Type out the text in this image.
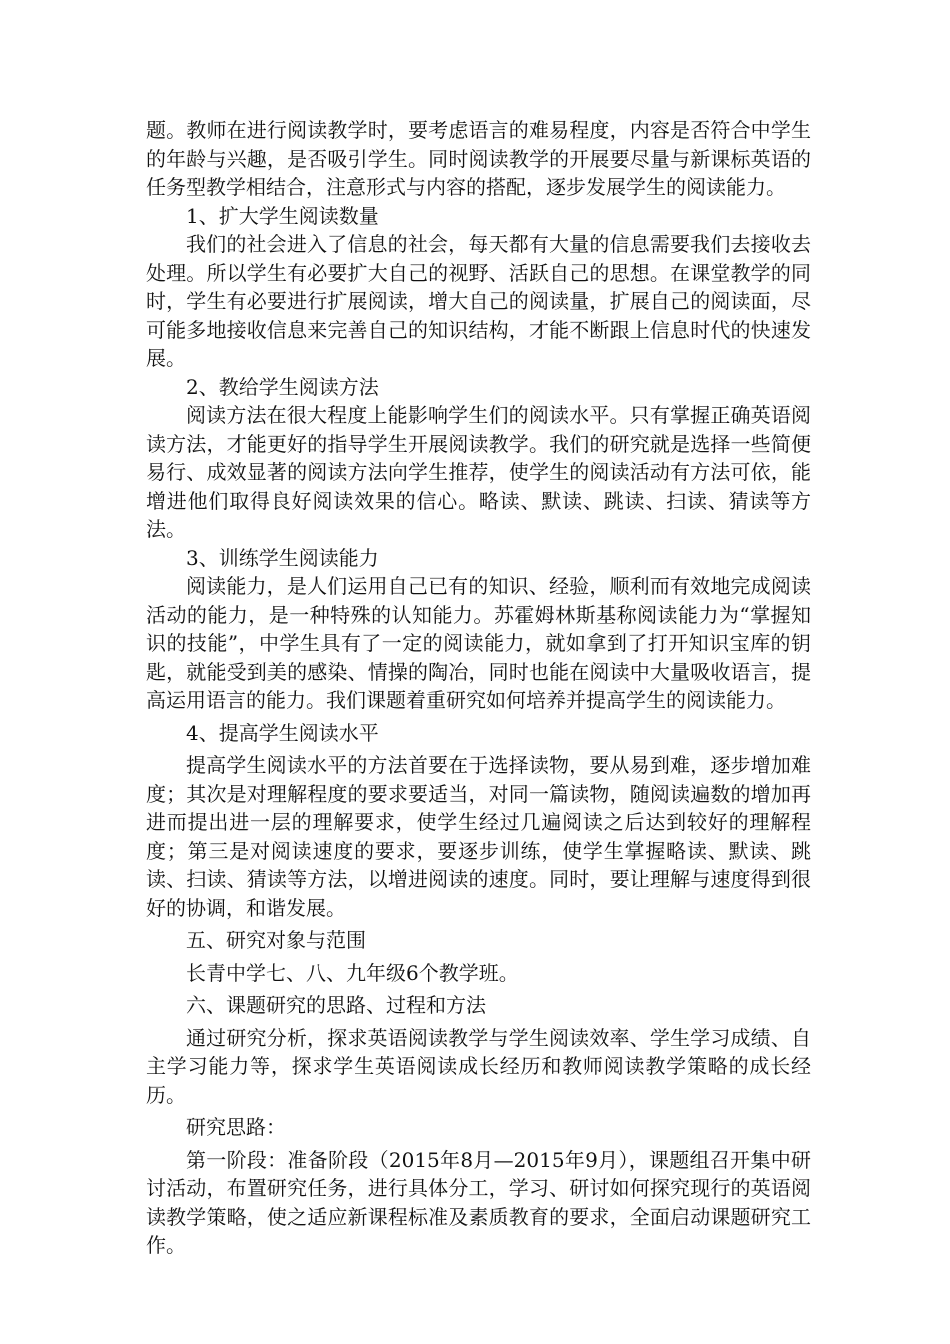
题。教师在进行阅读教学时，要考虑语言的难易程度，内容是否符合中学生的年龄与兴趣，是否吸引学生。同时阅读教学的开展要尽量与新课标英语的任务型教学相结合，注意形式与内容的搭配，逐步发展学生的阅读能力。

1、扩大学生阅读数量

我们的社会进入了信息的社会，每天都有大量的信息需要我们去接收去处理。所以学生有必要扩大自己的视野、活跃自己的思想。在课堂教学的同时，学生有必要进行扩展阅读，增大自己的阅读量，扩展自己的阅读面，尽可能多地接收信息来完善自己的知识结构，才能不断跟上信息时代的快速发展。

2、教给学生阅读方法

阅读方法在很大程度上能影响学生们的阅读水平。只有掌握正确英语阅读方法，才能更好的指导学生开展阅读教学。我们的研究就是选择一些简便易行、成效显著的阅读方法向学生推荐，使学生的阅读活动有方法可依，能增进他们取得良好阅读效果的信心。略读、默读、跳读、扫读、猜读等方法。

3、训练学生阅读能力

阅读能力，是人们运用自己已有的知识、经验，顺利而有效地完成阅读活动的能力，是一种特殊的认知能力。苏霍姆林斯基称阅读能力为“掌握知识的技能”，中学生具有了一定的阅读能力，就如拿到了打开知识宝库的钥匙，就能受到美的感染、情操的陶冶，同时也能在阅读中大量吸收语言，提高运用语言的能力。我们课题着重研究如何培养并提高学生的阅读能力。

4、提高学生阅读水平

提高学生阅读水平的方法首要在于选择读物，要从易到难，逐步增加难度；其次是对理解程度的要求要适当，对同一篇读物，随阅读遍数的增加再进而提出进一层的理解要求，使学生经过几遍阅读之后达到较好的理解程度；第三是对阅读速度的要求，要逐步训练，使学生掌握略读、默读、跳读、扫读、猜读等方法，以增进阅读的速度。同时，要让理解与速度得到很好的协调，和谐发展。

五、研究对象与范围

长青中学七、八、九年级6个教学班。

六、课题研究的思路、过程和方法

通过研究分析，探求英语阅读教学与学生阅读效率、学生学习成绩、自主学习能力等，探求学生英语阅读成长经历和教师阅读教学策略的成长经历。

研究思路：

第一阶段：准备阶段（2015年8月—2015年9月），课题组召开集中研讨活动，布置研究任务，进行具体分工，学习、研讨如何探究现行的英语阅读教学策略，使之适应新课程标准及素质教育的要求，全面启动课题研究工作。
